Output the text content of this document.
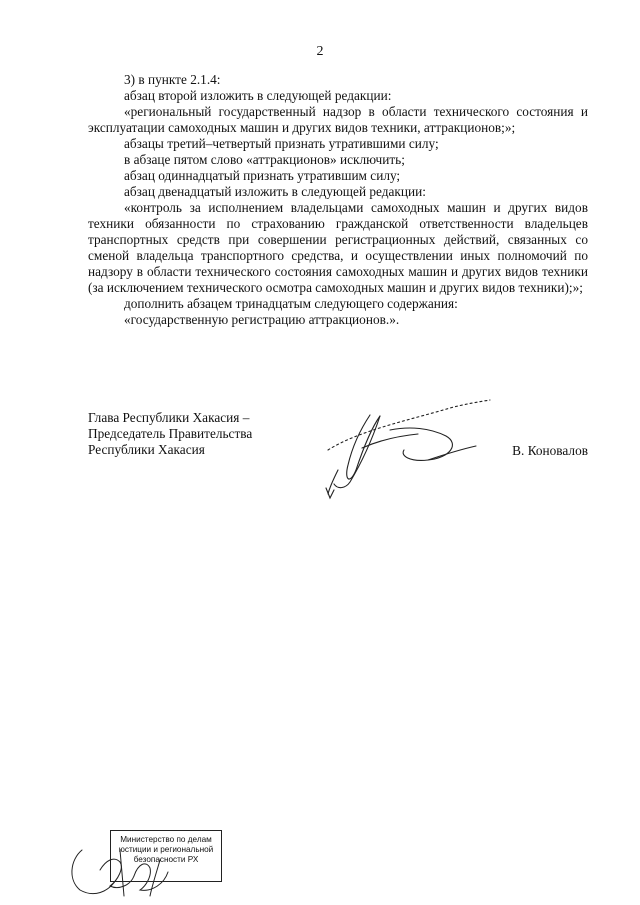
2

3) в пункте 2.1.4:

абзац второй изложить в следующей редакции:

«региональный государственный надзор в области технического состояния и эксплуатации самоходных машин и других видов техники, аттракционов;»;

абзацы третий–четвертый признать утратившими силу;

в абзаце пятом слово «аттракционов» исключить;

абзац одиннадцатый признать утратившим силу;

абзац двенадцатый изложить в следующей редакции:

«контроль за исполнением владельцами самоходных машин и других видов техники обязанности по страхованию гражданской ответственности владельцев транспортных средств при совершении регистрационных действий, связанных со сменой владельца транспортного средства, и осуществлении иных полномочий по надзору в области технического состояния самоходных машин и других видов техники (за исключением технического осмотра самоходных машин и других видов техники);»;

дополнить абзацем тринадцатым следующего содержания:

«государственную регистрацию аттракционов.».

Глава Республики Хакасия –

Председатель Правительства

Республики Хакасия	В. Коновалов

Министерство по делам

юстиции и региональной

безопасности РХ
